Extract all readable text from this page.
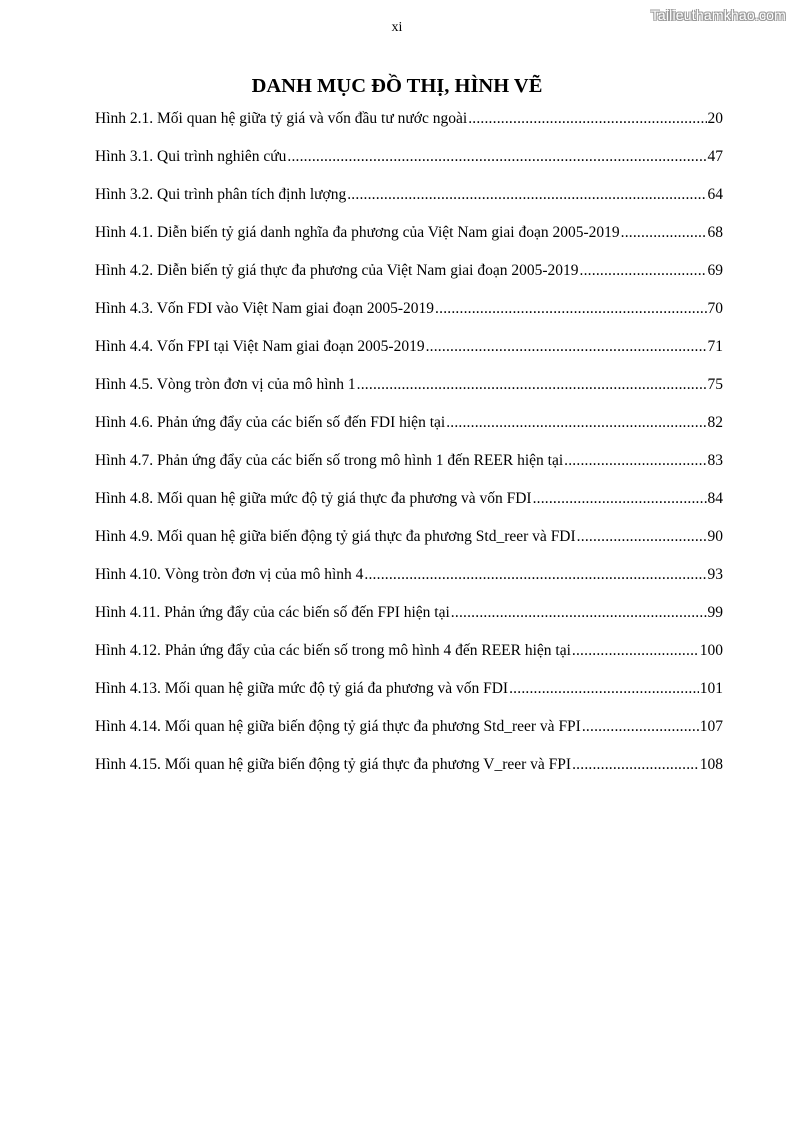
Tailieuthamkhao.com
xi
DANH MỤC ĐỒ THỊ, HÌNH VẼ
Hình 2.1. Mối quan hệ giữa tỷ giá và vốn đầu tư nước ngoài .....	20
Hình 3.1. Qui trình nghiên cứu .....	47
Hình 3.2. Qui trình phân tích định lượng .....	64
Hình 4.1. Diễn biến tỷ giá danh nghĩa đa phương của Việt Nam giai đoạn 2005-2019 .....	68
Hình 4.2. Diễn biến tỷ giá thực đa phương của Việt Nam giai đoạn 2005-2019 .....	69
Hình 4.3. Vốn FDI vào Việt Nam giai đoạn 2005-2019 .....	70
Hình 4.4. Vốn FPI tại Việt Nam giai đoạn 2005-2019 .....	71
Hình 4.5. Vòng tròn đơn vị của mô hình 1 .....	75
Hình 4.6. Phản ứng đẩy của các biến số đến FDI hiện tại .....	82
Hình 4.7. Phản ứng đẩy của các biến số trong mô hình 1 đến REER hiện tại .....	83
Hình 4.8. Mối quan hệ giữa mức độ tỷ giá thực đa phương và vốn FDI .....	84
Hình 4.9. Mối quan hệ giữa biến động tỷ giá thực đa phương Std_reer và FDI .....	90
Hình 4.10. Vòng tròn đơn vị của mô hình 4 .....	93
Hình 4.11. Phản ứng đẩy của các biến số đến FPI hiện tại .....	99
Hình 4.12. Phản ứng đẩy của các biến số trong mô hình 4 đến REER hiện tại .....	100
Hình 4.13. Mối quan hệ giữa mức độ tỷ giá đa phương và vốn FDI .....	101
Hình 4.14. Mối quan hệ giữa biến động tỷ giá thực đa phương Std_reer và FPI .....	107
Hình 4.15. Mối quan hệ giữa biến động tỷ giá thực đa phương V_reer và FPI .....	108
